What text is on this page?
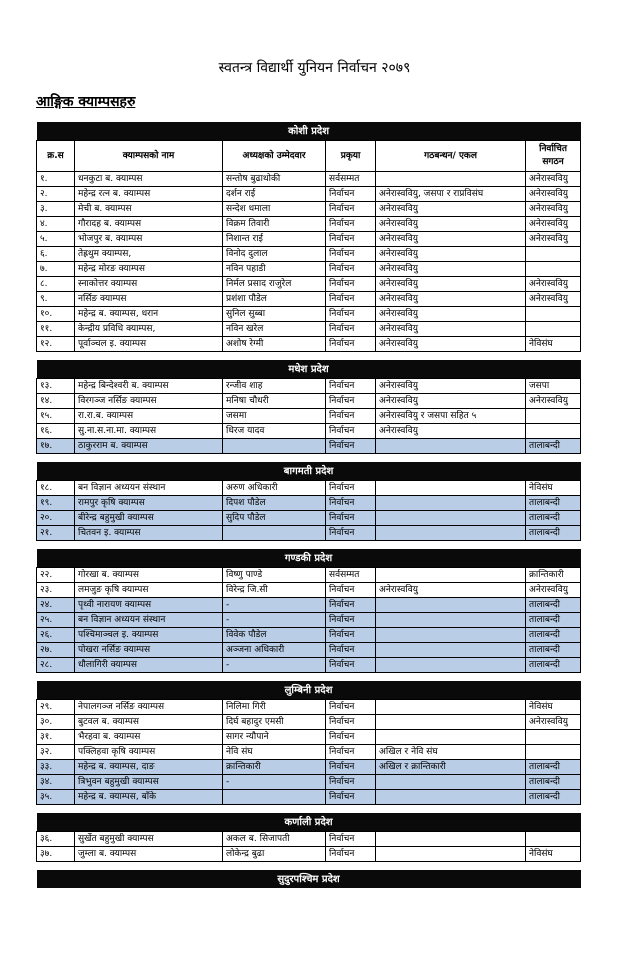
स्वतन्त्र विद्यार्थी युनियन निर्वाचन २०७९
आङ्गिक क्याम्पसहरु
कोशी प्रदेश					
क्र.स	क्याम्पसको नाम	अध्यक्षको उम्मेदवार	प्रकृया	गठबन्धन/ एकल	निर्वाचित सगठन
१.	धनकुटा ब. क्याम्पस	सन्तोष बुढाथोकी	सर्वसम्मत		अनेरास्ववियु
२.	महेन्द्र रत्न ब. क्याम्पस	दर्शन राई	निर्वाचन	अनेरास्ववियु, जसपा र राप्रविसंघ	अनेरास्ववियु
३.	मेची ब. क्याम्पस	सन्देश धमाला	निर्वाचन	अनेरास्ववियु	अनेरास्ववियु
४.	गौरादह ब. क्याम्पस	विक्रम तिवारी	निर्वाचन	अनेरास्ववियु	अनेरास्ववियु
५.	भोजपुर ब. क्याम्पस	निशान्त राई	निर्वाचन	अनेरास्ववियु	अनेरास्ववियु
६.	तेह्रथुम क्याम्पस,	विनोद दुलाल	निर्वाचन	अनेरास्ववियु	
७.	महेन्द्र मोरङ क्याम्पस	नविन पहाडी	निर्वाचन	अनेरास्ववियु	
८.	स्नाकोत्तर क्याम्पस	निर्मल प्रसाद राजुरेल	निर्वाचन	अनेरास्ववियु	अनेरास्ववियु
९.	नर्सिङ क्याम्पस	प्रशंशा पौडेल	निर्वाचन	अनेरास्ववियु	अनेरास्ववियु
१०.	महेन्द्र ब. क्याम्पस, धरान	सुनिल सुब्बा	निर्वाचन	अनेरास्ववियु	
११.	केन्द्रीय प्रविधि क्याम्पस,	नविन खरेल	निर्वाचन	अनेरास्ववियु	
१२.	पूर्वाञ्चल इ. क्याम्पस	अशोष रेग्मी	निर्वाचन	अनेरास्ववियु	नेविसंघ

मधेश प्रदेश					
१३.	महेन्द्र बिन्देश्वरी ब. क्याम्पस	रन्जीव शाह	निर्वाचन	अनेरास्ववियु	जसपा
१४.	विरगञ्ज नर्सिङ क्याम्पस	मनिषा चौधरी	निर्वाचन	अनेरास्ववियु	अनेरास्ववियु
१५.	रा.रा.ब. क्याम्पस	जसमा	निर्वाचन	अनेरास्ववियु र जसपा सहित ५	
१६.	सु.ना.स.ना.मा. क्याम्पस	धिरज यादव	निर्वाचन	अनेरास्ववियु	
१७.	ठाकुरराम ब. क्याम्पस		निर्वाचन		तालाबन्दी

बागमती प्रदेश					
१८.	बन विज्ञान अध्ययन संस्थान	अरुण अधिकारी	निर्वाचन		नेविसंघ
१९.	रामपुर कृषि क्याम्पस	दिपश पौडेल	निर्वाचन		तालाबन्दी
२०.	बीरेन्द्र बहुमुखी क्याम्पस	सुदिप पौडेल	निर्वाचन		तालाबन्दी
२१.	चितवन इ. क्याम्पस		निर्वाचन		तालाबन्दी

गण्डकी प्रदेश					
२२.	गोरखा ब. क्याम्पस	विष्णु पाण्डे	सर्वसम्मत		क्रान्तिकारी
२३.	लमजुङ कृषि क्याम्पस	विरेन्द्र जि.सी	निर्वाचन	अनेरास्ववियु	अनेरास्ववियु
२४.	पृथ्वी नारायण क्याम्पस	-	निर्वाचन		तालाबन्दी
२५.	बन विज्ञान अध्ययन संस्थान	-	निर्वाचन		तालाबन्दी
२६.	पश्चिमाञ्चल इ. क्याम्पस	विवेक पौडेल	निर्वाचन		तालाबन्दी
२७.	पोखरा नर्सिङ क्याम्पस	अञ्जना अधिकारी	निर्वाचन		तालाबन्दी
२८.	धौलागिरी क्याम्पस	-	निर्वाचन		तालाबन्दी

लुम्बिनी प्रदेश					
२९.	नेपालगञ्ज नर्सिङ क्याम्पस	निलिमा गिरी	निर्वाचन		नेविसंघ
३०.	बुटवल ब. क्याम्पस	दिर्घ बहादुर एमसी	निर्वाचन		अनेरास्ववियु
३१.	भैरहवा ब. क्याम्पस	सागर न्यौपाने	निर्वाचन		
३२.	पक्लिहवा कृषि क्याम्पस	नेवि संघ	निर्वाचन	अखिल र नेवि संघ	
३३.	महेन्द्र ब. क्याम्पस, दाङ	क्रान्तिकारी	निर्वाचन	अखिल र क्रान्तिकारी	तालाबन्दी
३४.	त्रिभुवन बहुमुखी क्याम्पस	-	निर्वाचन		तालाबन्दी
३५.	महेन्द्र ब. क्याम्पस, बाँके		निर्वाचन		तालाबन्दी

कर्णाली प्रदेश					
३६.	सुर्खेत बहुमुखी क्याम्पस	अकल ब. सिजापती	निर्वाचन		
३७.	जुम्ला ब. क्याम्पस	लोकेन्द्र बुढा	निर्वाचन		नेविसंघ

सुदुरपश्चिम प्रदेश					
